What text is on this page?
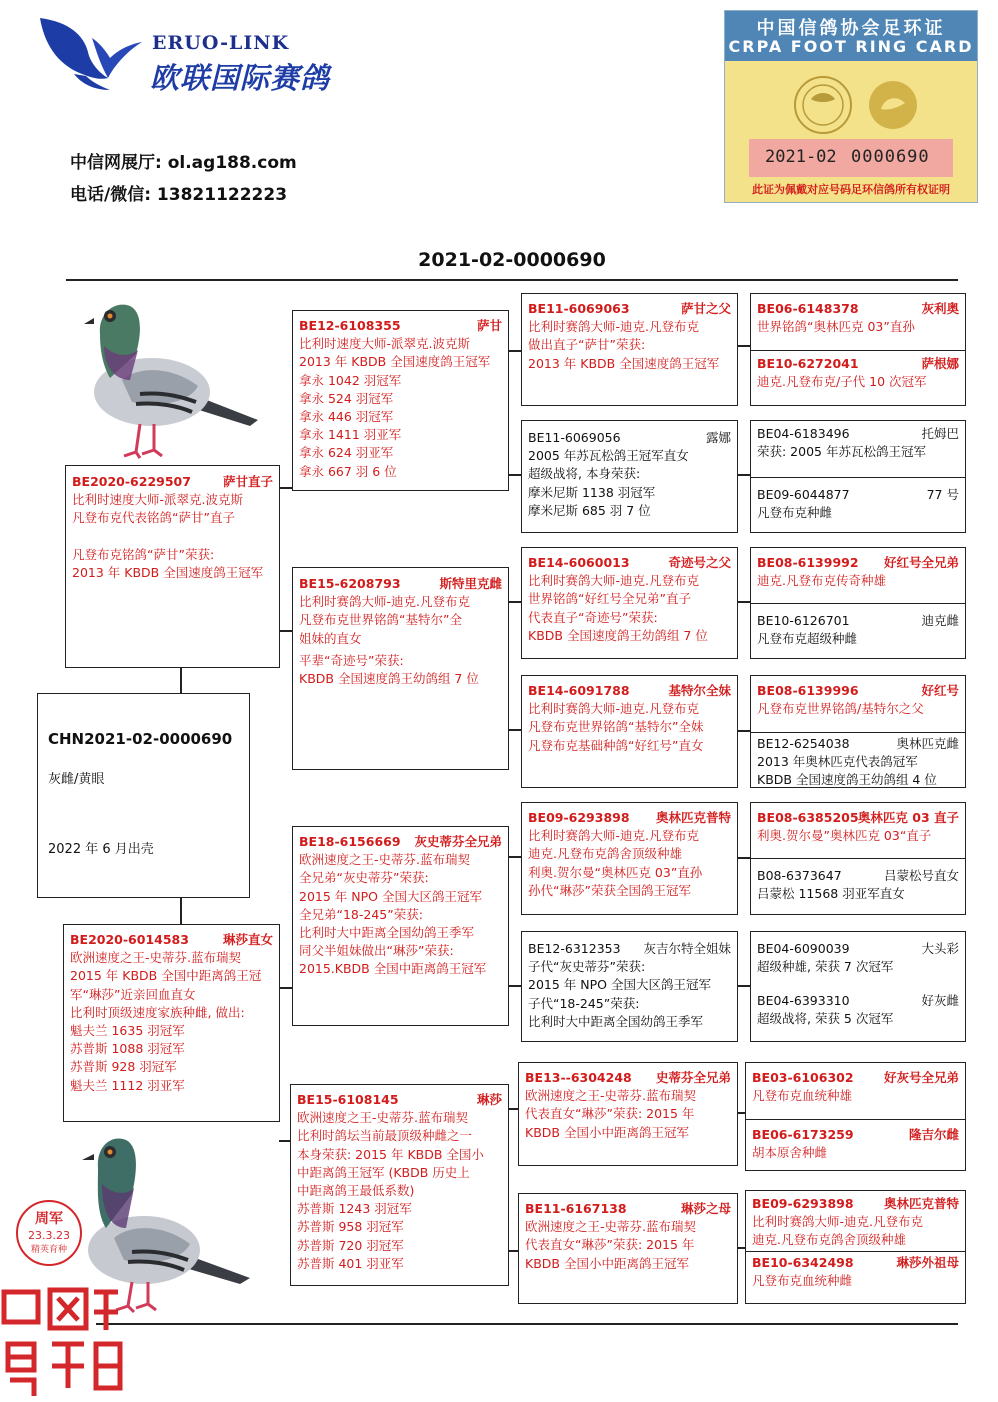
ERUO-LINK
欧联国际赛鸽
中信网展厅: ol.ag188.com
电话/微信: 13821122223
中国信鸽协会足环证
CRPA FOOT RING CARD
2021-02 0000690
此证为佩戴对应号码足环信鸽所有权证明
2021-02-0000690
CHN2021-02-0000690
灰雌/黄眼
2022 年 6 月出壳
BE2020-6229507	萨甘直子
比利时速度大师-派翠克.波克斯
凡登布克代表铭鸽“萨甘”直子
凡登布克铭鸽“萨甘”荣获:
2013 年 KBDB 全国速度鸽王冠军
BE2020-6014583	琳莎直女
欧洲速度之王-史蒂芬.蓝布瑞契
2015 年 KBDB 全国中距离鸽王冠
军“琳莎”近亲回血直女
比利时顶级速度家族种雌, 做出:
魁夫兰 1635 羽冠军
苏普斯 1088 羽冠军
苏普斯 928 羽冠军
魁夫兰 1112 羽亚军
BE12-6108355	萨甘
比利时速度大师-派翠克.波克斯
2013 年 KBDB 全国速度鸽王冠军
拿永 1042 羽冠军
拿永 524 羽冠军
拿永 446 羽冠军
拿永 1411 羽亚军
拿永 624 羽亚军
拿永 667 羽 6 位
BE15-6208793	斯特里克雌
比利时赛鸽大师-迪克.凡登布克
凡登布克世界铭鸽“基特尔”全
姐妹的直女
平辈“奇迹号”荣获:
KBDB 全国速度鸽王幼鸽组 7 位
BE18-6156669 灰史蒂芬全兄弟
欧洲速度之王-史蒂芬.蓝布瑞契
全兄弟“灰史蒂芬”荣获:
2015 年 NPO 全国大区鸽王冠军
全兄弟“18-245”荣获:
比利时大中距离全国幼鸽王季军
同父半姐妹做出“琳莎”荣获:
2015.KBDB 全国中距离鸽王冠军
BE15-6108145	琳莎
欧洲速度之王-史蒂芬.蓝布瑞契
比利时鸽坛当前最顶级种雌之一
本身荣获: 2015 年 KBDB 全国小
中距离鸽王冠军 (KBDB 历史上
中距离鸽王最低系数)
苏普斯 1243 羽冠军
苏普斯 958 羽冠军
苏普斯 720 羽冠军
苏普斯 401 羽亚军
BE11-6069063	萨甘之父
比利时赛鸽大师-迪克.凡登布克
做出直子“萨甘”荣获:
2013 年 KBDB 全国速度鸽王冠军
BE11-6069056	露娜
2005 年苏瓦松鸽王冠军直女
超级战将, 本身荣获:
摩米尼斯 1138 羽冠军
摩米尼斯 685 羽 7 位
BE14-6060013	奇迹号之父
比利时赛鸽大师-迪克.凡登布克
世界铭鸽“好红号全兄弟”直子
代表直子“奇迹号”荣获:
KBDB 全国速度鸽王幼鸽组 7 位
BE14-6091788	基特尔全妹
比利时赛鸽大师-迪克.凡登布克
凡登布克世界铭鸽“基特尔”全妹
凡登布克基础种鸽“好红号”直女
BE09-6293898 奥林匹克普特
比利时赛鸽大师-迪克.凡登布克
迪克.凡登布克鸽舍顶级种雄
利奥.贺尔曼“奥林匹克 03”直孙
孙代“琳莎”荣获全国鸽王冠军
BE12-6312353 灰吉尔特全姐妹
子代“灰史蒂芬”荣获:
2015 年 NPO 全国大区鸽王冠军
子代“18-245”荣获:
比利时大中距离全国幼鸽王季军
BE13--6304248 史蒂芬全兄弟
欧洲速度之王-史蒂芬.蓝布瑞契
代表直女“琳莎”荣获: 2015 年
KBDB 全国小中距离鸽王冠军
BE11-6167138	琳莎之母
欧洲速度之王-史蒂芬.蓝布瑞契
代表直女“琳莎”荣获: 2015 年
KBDB 全国小中距离鸽王冠军
BE06-6148378	灰利奥
世界铭鸽“奥林匹克 03”直孙
BE10-6272041	萨根娜
迪克.凡登布克/子代 10 次冠军
BE04-6183496	托姆巴
荣获: 2005 年苏瓦松鸽王冠军
BE09-6044877	77 号
凡登布克种雌
BE08-6139992 好红号全兄弟
迪克.凡登布克传奇种雄
BE10-6126701	迪克雌
凡登布克超级种雌
BE08-6139996	好红号
凡登布克世界铭鸽/基特尔之父
BE12-6254038	奥林匹克雌
2013 年奥林匹克代表鸽冠军
KBDB 全国速度鸽王幼鸽组 4 位
BE08-6385205 奥林匹克 03 直子
利奥.贺尔曼”奥林匹克 03“直子
B08-6373647	吕蒙松号直女
吕蒙松 11568 羽亚军直女
BE04-6090039	大头彩
超级种雄, 荣获 7 次冠军
BE04-6393310	好灰雌
超级战将, 荣获 5 次冠军
BE03-6106302 好灰号全兄弟
凡登布克血统种雄
BE06-6173259	隆吉尔雌
胡本原舍种雌
BE09-6293898 奥林匹克普特
比利时赛鸽大师-迪克.凡登布克
迪克.凡登布克鸽舍顶级种雄
BE10-6342498	琳莎外祖母
凡登布克血统种雌
周军
23.3.23
精英育种
